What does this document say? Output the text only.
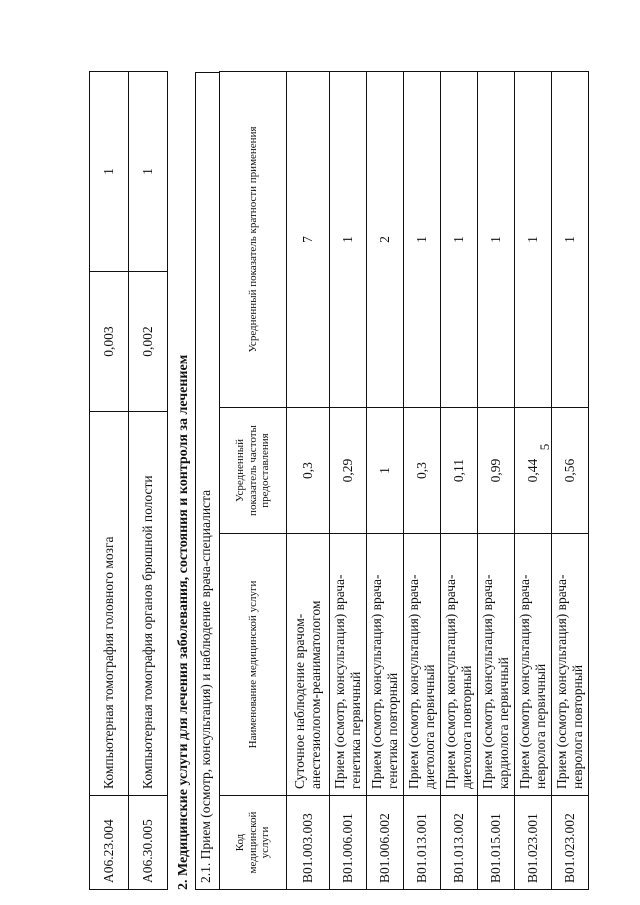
5
A06.23.004	Компьютерная томография головного мозга	0,003	1
A06.30.005	Компьютерная томография органов брюшной полости	0,002	1
2. Медицинские услуги для лечения заболевания, состояния и контроля за лечением 2.1. Прием (осмотр, консультация) и наблюдение врача-специалиста	Код медицинской услуги	Наименование медицинской услуги	Усредненный показатель частоты предоставления	Усредненный показатель кратности применения
B01.003.003	Суточное наблюдение врачом-анестезиологом-реаниматологом	0,3	7
B01.006.001	Прием (осмотр, консультация) врача-генетика первичный	0,29	1
B01.006.002	Прием (осмотр, консультация) врача-генетика повторный	1	2
B01.013.001	Прием (осмотр, консультация) врача-диетолога первичный	0,3	1
B01.013.002	Прием (осмотр, консультация) врача-диетолога повторный	0,11	1
B01.015.001	Прием (осмотр, консультация) врача-кардиолога первичный	0,99	1
B01.023.001	Прием (осмотр, консультация) врача-невролога первичный	0,44	1
B01.023.002	Прием (осмотр, консультация) врача-невролога повторный	0,56	1
